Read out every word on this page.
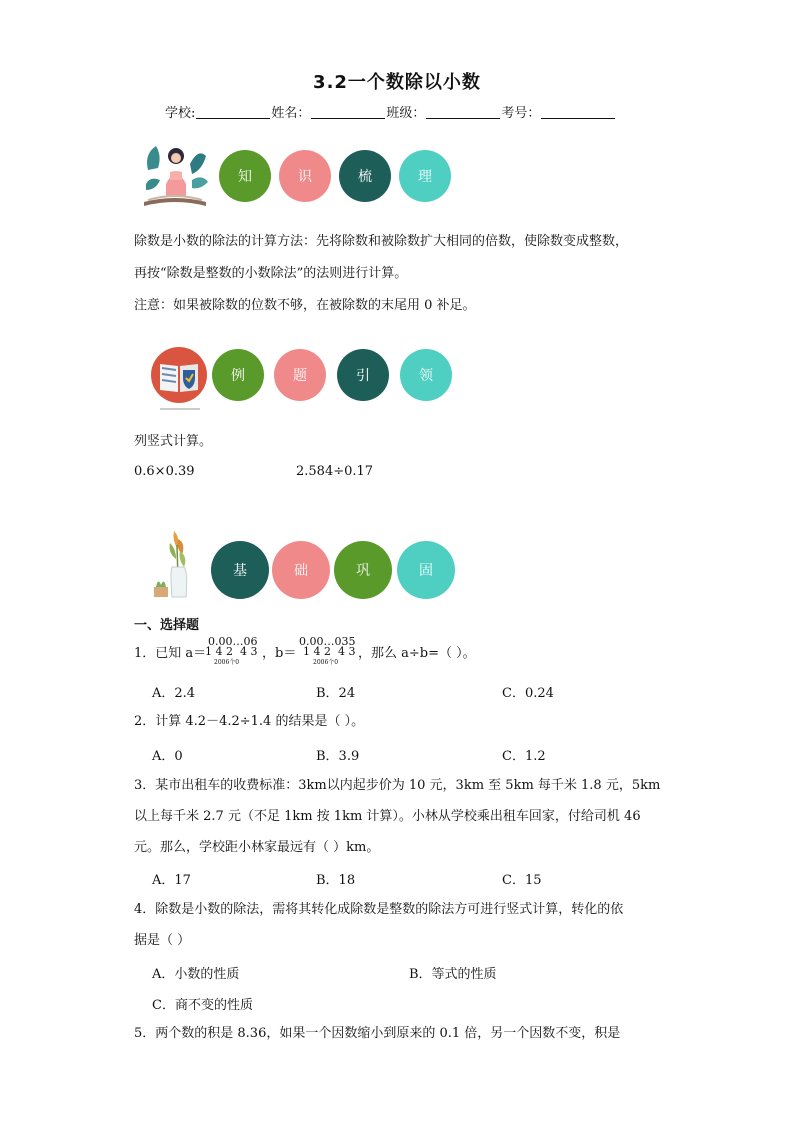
3.2一个数除以小数
学校:	姓名：	班级：	考号：
知	识	梳	理
除数是小数的除法的计算方法：先将除数和被除数扩大相同的倍数，使除数变成整数，
再按“除数是整数的小数除法”的法则进行计算。
注意：如果被除数的位数不够，在被除数的末尾用 0 补足。
例	题	引	领
列竖式计算。
0.6×0.39	2.584÷0.17
基	础	巩	固
一、选择题
1．已知 a＝
0.00…06
1 4 2  4 3
2006个0
，b＝
0.00…035
1 4 2  4 3
2006个0
，那么 a÷b=（ ）。
A．2.4	B．24	C．0.24
2．计算 4.2－4.2÷1.4 的结果是（ ）。
A．0	B．3.9	C．1.2
3．某市出租车的收费标准：3km以内起步价为 10 元，3km 至 5km 每千米 1.8 元，5km
以上每千米 2.7 元（不足 1km 按 1km 计算）。小林从学校乘出租车回家，付给司机 46
元。那么，学校距小林家最远有（ ）km。
A．17	B．18	C．15
4．除数是小数的除法，需将其转化成除数是整数的除法方可进行竖式计算，转化的依
据是（ ）
A．小数的性质	B．等式的性质
C．商不变的性质
5．两个数的积是 8.36，如果一个因数缩小到原来的 0.1 倍，另一个因数不变，积是
